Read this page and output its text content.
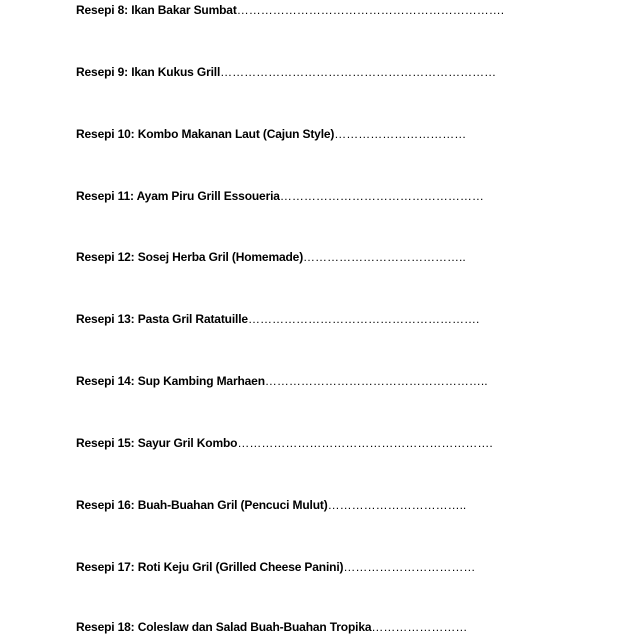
Resepi 8: Ikan Bakar Sumbat………………………………………………………….
Resepi 9: Ikan Kukus Grill……………………………………………………………
Resepi 10: Kombo Makanan Laut (Cajun Style)……………………………
Resepi 11: Ayam Piru Grill Essoueria……………………………………………
Resepi 12: Sosej Herba Gril (Homemade)…………………………………..
Resepi 13: Pasta Gril Ratatuille………………………………………………….
Resepi 14: Sup Kambing Marhaen………………………………………………..
Resepi 15: Sayur Gril Kombo……………………………………………………….
Resepi 16: Buah-Buahan Gril (Pencuci Mulut)……………………………..
Resepi 17: Roti Keju Gril (Grilled Cheese Panini)……………………………
Resepi 18: Coleslaw dan Salad Buah-Buahan Tropika……………………
